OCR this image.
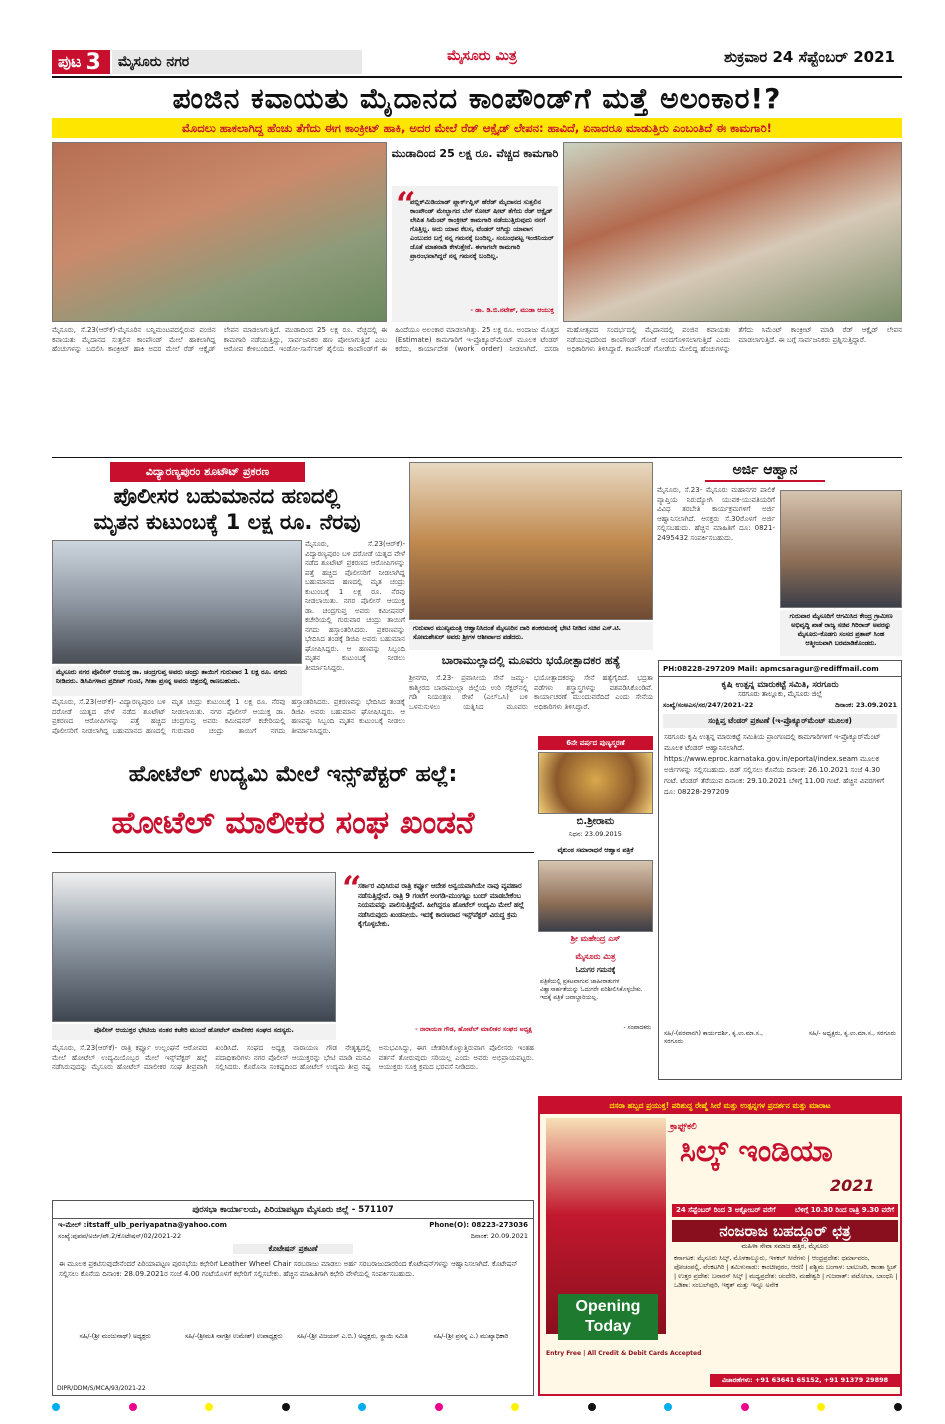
ಪುಟ 3	ಮೈಸೂರು ನಗರ	ಮೈಸೂರು ಮಿತ್ರ	ಶುಕ್ರವಾರ 24 ಸೆಪ್ಟೆಂಬರ್ 2021
ಪಂಜಿನ ಕವಾಯತು ಮೈದಾನದ ಕಾಂಪೌಂಡ್‌ಗೆ ಮತ್ತೆ ಅಲಂಕಾರ!?
ಮೊದಲು ಹಾಕಲಾಗಿದ್ದ ಹೆಂಚು ತೆಗೆದು ಈಗ ಕಾಂಕ್ರೀಟ್ ಹಾಕಿ, ಅದರ ಮೇಲೆ ರೆಡ್ ಆಕ್ಸೈಡ್ ಲೇಪನ: ಹಾವಿದೆ, ಏನಾದರೂ ಮಾಡುತ್ತಿರು ಎಂಬಂತಿದೆ ಈ ಕಾಮಗಾರಿ!
ಮುಡಾದಿಂದ 25 ಲಕ್ಷ ರೂ. ವೆಚ್ಚದ ಕಾಮಗಾರಿ
“
ಪಬ್ಲಿಕ್‌ಮಿಡಿಯಾಡ್ ಪ್ಲಾರ್ಕ್‌ಪ್ಲಿಸ್ ಹೆರೆಡ್ ಮೈದಾನದ ಸುತ್ತಲಿನ ಕಾಂಪೌಂಡ್ ಮೇಲ್ಭಾಗದ ಬೆಸ್ ಕೋಟ್ ಷೀಟ್ ತೆಗೆದು ರೆಡ್ ಆಕ್ಸೈಡ್ ಲೇಪಿತ ಸಿಮೆಂಟ್ ಕಾಂಕ್ರೀಟ್ ಕಾಮಗಾರಿ ನಡೆಯುತ್ತಿರುವುದು ನನಗೆ ಗೊತ್ತಿಲ್ಲ. ಅದು ಯಾವ ಕೆಲಸ, ಟೆಂಡರ್ ಆಗಿದ್ದು ಯಾವಾಗ ಎಂಬುದರ ಬಗ್ಗೆ ನನ್ನ ಗಮನಕ್ಕೆ ಬಂದಿಲ್ಲ. ಸಂಬಂಧಪಟ್ಟ ಇಂಜಿನಿಯರ್ ಜೊತೆ ಮಾತನಾಡಿ ಕೇಳುತ್ತೇನೆ. ಈಗಾಗಲೇ ಕಾಮಗಾರಿ ಪ್ರಾರಂಭವಾಗಿದ್ದರೆ ನನ್ನ ಗಮನಕ್ಕೆ ಬಂದಿಲ್ಲ.
- ಡಾ. ಡಿ.ಬಿ.ನಟೇಶ್, ಮುಡಾ ಆಯುಕ್ತ
ಮೈಸೂರು, ಸೆ.23(ಆರ್‌ಕೆ)-ಮೈಸೂರಿನ ಬನ್ನಿಮಂಟಪದಲ್ಲಿರುವ ಪಂಜಿನ ಕವಾಯತು ಮೈದಾನದ ಸುತ್ತಲಿನ ಕಾಂಪೌಂಡ್ ಮೇಲೆ ಹಾಕಲಾಗಿದ್ದ ಹೆಂಚುಗಳನ್ನು ಬದಲಿಸಿ ಕಾಂಕ್ರೀಟ್ ಹಾಕಿ ಅದರ ಮೇಲೆ ರೆಡ್ ಆಕ್ಸೈಡ್ ಲೇಪನ ಮಾಡಲಾಗುತ್ತಿದೆ. ಮುಡಾದಿಂದ 25 ಲಕ್ಷ ರೂ. ವೆಚ್ಚದಲ್ಲಿ ಈ ಕಾಮಗಾರಿ ನಡೆಯುತ್ತಿದ್ದು, ಸಾರ್ವಜನಿಕರ ಹಣ ಪೋಲಾಗುತ್ತಿದೆ ಎಂಬ ಆರೋಪ ಕೇಳಿಬಂದಿದೆ. ಇಂಡೋ-ಸಾರ್ಸೆನಿಕ್ ಶೈಲಿಯ ಕಾಂಪೌಂಡ್‌ಗೆ ಈ ಹಿಂದೆಯೂ ಅಲಂಕಾರ ಮಾಡಲಾಗಿತ್ತು. 25 ಲಕ್ಷ ರೂ. ಅಂದಾಜು ಮೊತ್ತದ (Estimate) ಕಾಮಗಾರಿಗೆ ಇ-ಪ್ರೊಕ್ಯೂರ್‌ಮೆಂಟ್ ಮೂಲಕ ಟೆಂಡರ್ ಕರೆದು, ಕಾರ್ಯಾದೇಶ (work order) ನೀಡಲಾಗಿದೆ. ದಸರಾ ಮಹೋತ್ಸವದ ಸಂದರ್ಭದಲ್ಲಿ ಮೈದಾನದಲ್ಲಿ ಪಂಜಿನ ಕವಾಯತು ನಡೆಯುವುದರಿಂದ ಕಾಂಪೌಂಡ್ ಗೋಡೆ ಅಂದಗೊಳಿಸಲಾಗುತ್ತಿದೆ ಎಂದು ಅಧಿಕಾರಿಗಳು ತಿಳಿಸಿದ್ದಾರೆ. ಕಾಂಪೌಂಡ್ ಗೋಡೆಯ ಮೇಲಿದ್ದ ಹೆಂಚುಗಳನ್ನು ತೆಗೆದು ಸಿಮೆಂಟ್ ಕಾಂಕ್ರೀಟ್ ಮಾಡಿ ರೆಡ್ ಆಕ್ಸೈಡ್ ಲೇಪನ ಮಾಡಲಾಗುತ್ತಿದೆ. ಈ ಬಗ್ಗೆ ಸಾರ್ವಜನಿಕರು ಪ್ರಶ್ನಿಸುತ್ತಿದ್ದಾರೆ.
ವಿದ್ಯಾರಣ್ಯಪುರಂ ಶೂಟೌಟ್ ಪ್ರಕರಣ
ಪೊಲೀಸರ ಬಹುಮಾನದ ಹಣದಲ್ಲಿ
ಮೃತನ ಕುಟುಂಬಕ್ಕೆ 1 ಲಕ್ಷ ರೂ. ನೆರವು
ಮೈಸೂರು, ಸೆ.23(ಆರ್‌ಕೆ)- ವಿದ್ಯಾರಣ್ಯಪುರಂ ಬಳಿ ದರೋಡೆ ಯತ್ನದ ವೇಳೆ ನಡೆದ ಶೂಟೌಟ್ ಪ್ರಕರಣದ ಆರೋಪಿಗಳನ್ನು ಪತ್ತೆ ಹಚ್ಚಿದ ಪೊಲೀಸರಿಗೆ ನೀಡಲಾಗಿದ್ದ ಬಹುಮಾನದ ಹಣದಲ್ಲಿ ಮೃತ ಚಂದ್ರು ಕುಟುಂಬಕ್ಕೆ 1 ಲಕ್ಷ ರೂ. ನೆರವು ನೀಡಲಾಯಿತು. ನಗರ ಪೊಲೀಸ್ ಆಯುಕ್ತ ಡಾ. ಚಂದ್ರಗುಪ್ತ ಅವರು ಕಮೀಷನರ್ ಕಚೇರಿಯಲ್ಲಿ ಗುರುವಾರ ಚಂದ್ರು ತಾಯಿಗೆ ನಗದು ಹಸ್ತಾಂತರಿಸಿದರು. ಪ್ರಕರಣವನ್ನು ಭೇದಿಸಿದ ತಂಡಕ್ಕೆ ಡಿಜಿಪಿ ಅವರು ಬಹುಮಾನ ಘೋಷಿಸಿದ್ದರು. ಆ ಹಣವನ್ನು ಸಿಬ್ಬಂದಿ ಮೃತನ ಕುಟುಂಬಕ್ಕೆ ನೀಡಲು ತೀರ್ಮಾನಿಸಿದ್ದರು.
ಮೈಸೂರು ನಗರ ಪೊಲೀಸ್ ಆಯುಕ್ತ ಡಾ. ಚಂದ್ರಗುಪ್ತ ಅವರು ಚಂದ್ರು ತಾಯಿಗೆ ಗುರುವಾರ 1 ಲಕ್ಷ ರೂ. ನಗದು ನೀಡಿದರು. ಡಿಸಿಪಿಗಳಾದ ಪ್ರದೀಪ್ ಗುಂಟಿ, ಗೀತಾ ಪ್ರಸನ್ನ ಅವರು ಚಿತ್ರದಲ್ಲಿ ಕಾಣಬಹುದು.
ಮೈಸೂರು, ಸೆ.23(ಆರ್‌ಕೆ)- ವಿದ್ಯಾರಣ್ಯಪುರಂ ಬಳಿ ದರೋಡೆ ಯತ್ನದ ವೇಳೆ ನಡೆದ ಶೂಟೌಟ್ ಪ್ರಕರಣದ ಆರೋಪಿಗಳನ್ನು ಪತ್ತೆ ಹಚ್ಚಿದ ಪೊಲೀಸರಿಗೆ ನೀಡಲಾಗಿದ್ದ ಬಹುಮಾನದ ಹಣದಲ್ಲಿ ಮೃತ ಚಂದ್ರು ಕುಟುಂಬಕ್ಕೆ 1 ಲಕ್ಷ ರೂ. ನೆರವು ನೀಡಲಾಯಿತು. ನಗರ ಪೊಲೀಸ್ ಆಯುಕ್ತ ಡಾ. ಚಂದ್ರಗುಪ್ತ ಅವರು ಕಮೀಷನರ್ ಕಚೇರಿಯಲ್ಲಿ ಗುರುವಾರ ಚಂದ್ರು ತಾಯಿಗೆ ನಗದು ಹಸ್ತಾಂತರಿಸಿದರು. ಪ್ರಕರಣವನ್ನು ಭೇದಿಸಿದ ತಂಡಕ್ಕೆ ಡಿಜಿಪಿ ಅವರು ಬಹುಮಾನ ಘೋಷಿಸಿದ್ದರು. ಆ ಹಣವನ್ನು ಸಿಬ್ಬಂದಿ ಮೃತನ ಕುಟುಂಬಕ್ಕೆ ನೀಡಲು ತೀರ್ಮಾನಿಸಿದ್ದರು.
ಗುರುವಾರ ಮುಖ್ಯಮಂತ್ರಿ ಆಹ್ವಾನಿಸಿದಂತೆ ಮೈಸೂರಿನ ದಾರಿ ಶಂಕರಮಠಕ್ಕೆ ಭೇಟಿ ನೀಡಿದ ಸಚಿವ ಎಸ್.ಟಿ. ಸೋಮಶೇಖರ್ ಅವರು ಶ್ರೀಗಳ ಆಶೀರ್ವಾದ ಪಡೆದರು.
ಬಾರಾಮುಲ್ಲಾದಲ್ಲಿ ಮೂವರು ಭಯೋತ್ಪಾದಕರ ಹತ್ಯೆ
ಶ್ರೀನಗರ, ಸೆ.23- ಪ್ರವಾಸೀಯ ಸೇನೆ ಜಮ್ಮು-ಕಾಶ್ಮೀರದ ಬಾರಾಮುಲ್ಲಾ ಜಿಲ್ಲೆಯ ಉರಿ ಸೆಕ್ಟರ್‌ನಲ್ಲಿ ಗಡಿ ನಿಯಂತ್ರಣ ರೇಖೆ (ಎಲ್‌ಒಸಿ) ಬಳಿ ಒಳನುಸುಳಲು ಯತ್ನಿಸಿದ ಮೂವರು ಭಯೋತ್ಪಾದಕರನ್ನು ಸೇನೆ ಹತ್ಯೆಗೈದಿದೆ. ಭದ್ರತಾ ಪಡೆಗಳು ಶಸ್ತ್ರಾಸ್ತ್ರಗಳನ್ನು ವಶಪಡಿಸಿಕೊಂಡಿವೆ. ಕಾರ್ಯಾಚರಣೆ ಮುಂದುವರೆದಿದೆ ಎಂದು ಸೇನೆಯ ಅಧಿಕಾರಿಗಳು ತಿಳಿಸಿದ್ದಾರೆ.
ಅರ್ಜಿ ಆಹ್ವಾನ
ಮೈಸೂರು, ಸೆ.23- ಮೈಸೂರು ಮಹಾನಗರ ಪಾಲಿಕೆ ವ್ಯಾಪ್ತಿಯ ನಿರುದ್ಯೋಗಿ ಯುವಕ-ಯುವತಿಯರಿಗೆ ವಿವಿಧ ತರಬೇತಿ ಕಾರ್ಯಕ್ರಮಗಳಿಗೆ ಅರ್ಜಿ ಆಹ್ವಾನಿಸಲಾಗಿದೆ. ಆಸಕ್ತರು ಸೆ.30ರೊಳಗೆ ಅರ್ಜಿ ಸಲ್ಲಿಸಬಹುದು. ಹೆಚ್ಚಿನ ಮಾಹಿತಿಗೆ ದೂ: 0821-2495432 ಸಂಪರ್ಕಿಸಬಹುದು.
ಗುರುವಾರ ಮೈಸೂರಿಗೆ ಆಗಮಿಸಿದ ಕೇಂದ್ರ ಗ್ರಾಮೀಣ ಅಭಿವೃದ್ಧಿ ಖಾತೆ ರಾಜ್ಯ ಸಚಿವ ಗಿರಿರಾಜ್ ಅವರನ್ನು ಮೈಸೂರು-ಕೊಡಗು ಸಂಸದ ಪ್ರತಾಪ್ ಸಿಂಹ ಆತ್ಮೀಯವಾಗಿ ಬರಮಾಡಿಕೊಂಡರು.
6ನೇ ವರ್ಷದ ಪುಣ್ಯಸ್ಮರಣೆ
ಬಿ.ಶ್ರೀರಾಮ
ನಿಧನ: 23.09.2015
ವೈಕುಂಠ ಸಮಾರಾಧನೆ ಆಹ್ವಾನ ಪತ್ರಿಕೆ
ಶ್ರೀ ಮಹೇಂದ್ರ ಎಸ್
ಮೈಸೂರು ಮಿತ್ರ
ಓದುಗರ ಗಮನಕ್ಕೆ
ಪತ್ರಿಕೆಯಲ್ಲಿ ಪ್ರಕಟವಾಗುವ ಜಾಹೀರಾತುಗಳ ವಿಶ್ವಾಸಾರ್ಹತೆಯನ್ನು ಓದುಗರೇ ಪರಿಶೀಲಿಸಿಕೊಳ್ಳಬೇಕು. ಇದಕ್ಕೆ ಪತ್ರಿಕೆ ಜವಾಬ್ದಾರಿಯಲ್ಲ.
- ಸಂಪಾದಕರು
PH:08228-297209 Mail: apmcsaragur@rediffmail.com
ಕೃಷಿ ಉತ್ಪನ್ನ ಮಾರುಕಟ್ಟೆ ಸಮಿತಿ, ಸರಗೂರು
ಸರಗೂರು ತಾಲ್ಲೂಕು, ಮೈಸೂರು ಜಿಲ್ಲೆ
ಸಂಖ್ಯೆ/ಸಂಅಎಸ/ಸರ/247/2021-22	ದಿನಾಂಕ: 23.09.2021
ಸಂಕ್ಷಿಪ್ತ ಟೆಂಡರ್ ಪ್ರಕಟಣೆ (ಇ-ಪ್ರೊಕ್ಯೂರ್‌ಮೆಂಟ್ ಮೂಲಕ)
ಸರಗೂರು ಕೃಷಿ ಉತ್ಪನ್ನ ಮಾರುಕಟ್ಟೆ ಸಮಿತಿಯ ಪ್ರಾಂಗಣದಲ್ಲಿ ಕಾಮಗಾರಿಗಳಿಗೆ ಇ-ಪ್ರೊಕ್ಯೂರ್‌ಮೆಂಟ್ ಮೂಲಕ ಟೆಂಡರ್ ಆಹ್ವಾನಿಸಲಾಗಿದೆ. https://www.eproc.karnataka.gov.in/eportal/index.seam ಮೂಲಕ ಅರ್ಜಿಗಳನ್ನು ಸಲ್ಲಿಸಬಹುದು. ಬಿಡ್ ಸಲ್ಲಿಸಲು ಕೊನೆಯ ದಿನಾಂಕ: 26.10.2021 ಸಂಜೆ 4.30 ಗಂಟೆ. ಟೆಂಡರ್ ತೆರೆಯುವ ದಿನಾಂಕ: 29.10.2021 ಬೆಳಿಗ್ಗೆ 11.00 ಗಂಟೆ. ಹೆಚ್ಚಿನ ವಿವರಗಳಿಗೆ ದೂ: 08228-297209
ಸಹಿ/-(ಪರವಾನಗಿ) ಕಾರ್ಯದರ್ಶಿ, ಕೃ.ಉ.ಮಾ.ಸ., ಸರಗೂರು
ಸಹಿ/- ಅಧ್ಯಕ್ಷರು, ಕೃ.ಉ.ಮಾ.ಸ., ಸರಗೂರು
ಹೋಟೆಲ್ ಉದ್ಯಮಿ ಮೇಲೆ ಇನ್ಸ್‌ಪೆಕ್ಟರ್ ಹಲ್ಲೆ:
ಹೋಟೆಲ್ ಮಾಲೀಕರ ಸಂಘ ಖಂಡನೆ
“
ಸರ್ಕಾರ ವಿಧಿಸಿರುವ ರಾತ್ರಿ ಕರ್ಫ್ಯೂ ಆದೇಶ ಅನ್ವಯವಾಗಿಯೇ ನಾವು ವ್ಯವಹಾರ ನಡೆಸುತ್ತಿದ್ದೇವೆ. ರಾತ್ರಿ 9 ಗಂಟೆಗೆ ಅಂಗಡಿ-ಮುಂಗಟ್ಟು ಬಂದ್ ಮಾಡಬೇಕೆಂಬ ನಿಯಮವನ್ನು ಪಾಲಿಸುತ್ತಿದ್ದೇವೆ. ಹೀಗಿದ್ದರೂ ಹೋಟೆಲ್ ಉದ್ಯಮಿ ಮೇಲೆ ಹಲ್ಲೆ ನಡೆಸಿರುವುದು ಖಂಡನೀಯ. ಇದಕ್ಕೆ ಕಾರಣರಾದ ಇನ್ಸ್‌ಪೆಕ್ಟರ್ ವಿರುದ್ಧ ಕ್ರಮ ಕೈಗೊಳ್ಳಬೇಕು.
- ನಾರಾಯಣ ಗೌಡ, ಹೋಟೆಲ್ ಮಾಲೀಕರ ಸಂಘದ ಅಧ್ಯಕ್ಷ
ಪೊಲೀಸ್ ಆಯುಕ್ತರ ಭೇಟಿಯ ನಂತರ ಕಚೇರಿ ಮುಂದೆ ಹೋಟೆಲ್ ಮಾಲೀಕರ ಸಂಘದ ಸದಸ್ಯರು.
ಮೈಸೂರು, ಸೆ.23(ಆರ್‌ಕೆ)- ರಾತ್ರಿ ಕರ್ಫ್ಯೂ ಉಲ್ಲಂಘನೆ ಆರೋಪದ ಮೇಲೆ ಹೋಟೆಲ್ ಉದ್ಯಮಿಯೊಬ್ಬರ ಮೇಲೆ ಇನ್ಸ್‌ಪೆಕ್ಟರ್ ಹಲ್ಲೆ ನಡೆಸಿರುವುದನ್ನು ಮೈಸೂರು ಹೋಟೆಲ್ ಮಾಲೀಕರ ಸಂಘ ತೀವ್ರವಾಗಿ ಖಂಡಿಸಿದೆ. ಸಂಘದ ಅಧ್ಯಕ್ಷ ನಾರಾಯಣ ಗೌಡ ನೇತೃತ್ವದಲ್ಲಿ ಪದಾಧಿಕಾರಿಗಳು ನಗರ ಪೊಲೀಸ್ ಆಯುಕ್ತರನ್ನು ಭೇಟಿ ಮಾಡಿ ಮನವಿ ಸಲ್ಲಿಸಿದರು. ಕೊರೊನಾ ಸಂಕಷ್ಟದಿಂದ ಹೋಟೆಲ್ ಉದ್ಯಮ ತೀವ್ರ ನಷ್ಟ ಅನುಭವಿಸಿದ್ದು, ಈಗ ಚೇತರಿಸಿಕೊಳ್ಳುತ್ತಿರುವಾಗ ಪೊಲೀಸರು ಇಂತಹ ವರ್ತನೆ ತೋರುವುದು ಸರಿಯಲ್ಲ ಎಂದು ಅವರು ಅಭಿಪ್ರಾಯಪಟ್ಟರು. ಆಯುಕ್ತರು ಸೂಕ್ತ ಕ್ರಮದ ಭರವಸೆ ನೀಡಿದರು.
ಪುರಸಭಾ ಕಾರ್ಯಾಲಯ, ಪಿರಿಯಾಪಟ್ಟಣ ಮೈಸೂರು ಜಿಲ್ಲೆ - 571107
ಇ-ಮೇಲ್ :itstaff_ulb_periyapatna@yahoo.com	Phone(O): 08223-273036
ಸಂಖ್ಯೆ:ಪುಪಪ/ಅರ್ಜಿ/ಪೌ.2/ಕೊಟೇಷನ್/02/2021-22	ದಿನಾಂಕ: 20.09.2021
ಕೊಟೇಷನ್ ಪ್ರಕಟಣೆ
ಈ ಮೂಲಕ ಪ್ರಕಟಿಸುವುದೇನೆಂದರೆ ಪಿರಿಯಾಪಟ್ಟಣ ಪುರಸಭೆಯ ಕಛೇರಿಗೆ Leather Wheel Chair ಸರಬರಾಜು ಮಾಡಲು ಅರ್ಹ ಸರಬರಾಜುದಾರರಿಂದ ಕೊಟೇಷನ್‌ಗಳನ್ನು ಆಹ್ವಾನಿಸಲಾಗಿದೆ. ಕೊಟೇಷನ್ ಸಲ್ಲಿಸಲು ಕೊನೆಯ ದಿನಾಂಕ: 28.09.2021ರ ಸಂಜೆ 4.00 ಗಂಟೆಯೊಳಗೆ ಕಛೇರಿಗೆ ಸಲ್ಲಿಸಬೇಕು. ಹೆಚ್ಚಿನ ಮಾಹಿತಿಗಾಗಿ ಕಛೇರಿ ವೇಳೆಯಲ್ಲಿ ಸಂಪರ್ಕಿಸಬಹುದು.
ಸಹಿ/-(ಶ್ರೀ ಮಂಜುನಾಥ್) ಅಧ್ಯಕ್ಷರು	ಸಹಿ/-(ಶ್ರೀಮತಿ ನಾಗಶ್ರೀ ಉಮೇಶ್) ಉಪಾಧ್ಯಕ್ಷರು	ಸಹಿ/-(ಶ್ರೀ ವಿಜಯನ್ ಎ.ಬಿ.) ಅಧ್ಯಕ್ಷರು, ಸ್ಥಾಯಿ ಸಮಿತಿ	ಸಹಿ/-(ಶ್ರೀ ಪ್ರಸನ್ನ ಎ.) ಮುಖ್ಯಾಧಿಕಾರಿ
DIPR/DDM/S/MCA/93/2021-22
ದಸರಾ ಹಬ್ಬದ ಪ್ರಯುಕ್ತ! ಪರಿಶುದ್ಧ ರೇಷ್ಮೆ ಸೀರೆ ಮತ್ತು ಉತ್ಪನ್ನಗಳ ಪ್ರದರ್ಶನ ಮತ್ತು ಮಾರಾಟ
ಕ್ರಾಫ್ಟ್‌ಕಲಿ
ಸಿಲ್ಕ್ ಇಂಡಿಯಾ
2021
24 ಸೆಪ್ಟೆಂಬರ್ ರಿಂದ 3 ಅಕ್ಟೋಬರ್ ವರೆಗೆ	ಬೆಳಿಗ್ಗೆ 10.30 ರಿಂದ ರಾತ್ರಿ 9.30 ವರೆಗೆ
ನಂಜರಾಜ ಬಹದ್ದೂರ್ ಛತ್ರ
ಮಹಿಳಾ ಸೇವಾ ಸಮಾಜ ಹತ್ತಿರ, ಮೈಸೂರು
ಕರ್ನಾಟಕ: ಮೈಸೂರು ಸಿಲ್ಕ್, ಮೊಳಕಾಲ್ಮೂರು, ಇಳಕಲ್ ಸೀರೆಗಳು | ಆಂಧ್ರಪ್ರದೇಶ: ಧರ್ಮಾವರಂ, ಪೋಚಂಪಲ್ಲಿ, ವೆಂಕಟಗಿರಿ | ತಮಿಳುನಾಡು: ಕಾಂಚೀಪುರಂ, ಆರಣಿ | ಪಶ್ಚಿಮ ಬಂಗಾಳ: ಬಾಲುಚರಿ, ಕಾಂತಾ ಸ್ಟಿಚ್ | ಉತ್ತರ ಪ್ರದೇಶ: ಬನಾರಸ್ ಸಿಲ್ಕ್ | ಮಧ್ಯಪ್ರದೇಶ: ಚಂದೇರಿ, ಮಹೇಶ್ವರಿ | ಗುಜರಾತ್: ಪಟೋಲಾ, ಬಾಂಧನಿ | ಒಡಿಶಾ: ಸಂಬಲ್‌ಪುರಿ, ಇಕ್ಕತ್ ಮತ್ತು ಇನ್ನೂ ಅನೇಕ
Opening Today
Entry Free | All Credit & Debit Cards Accepted
ವಿಚಾರಣೆಗಳು: +91 63641 65152, +91 91379 29898
